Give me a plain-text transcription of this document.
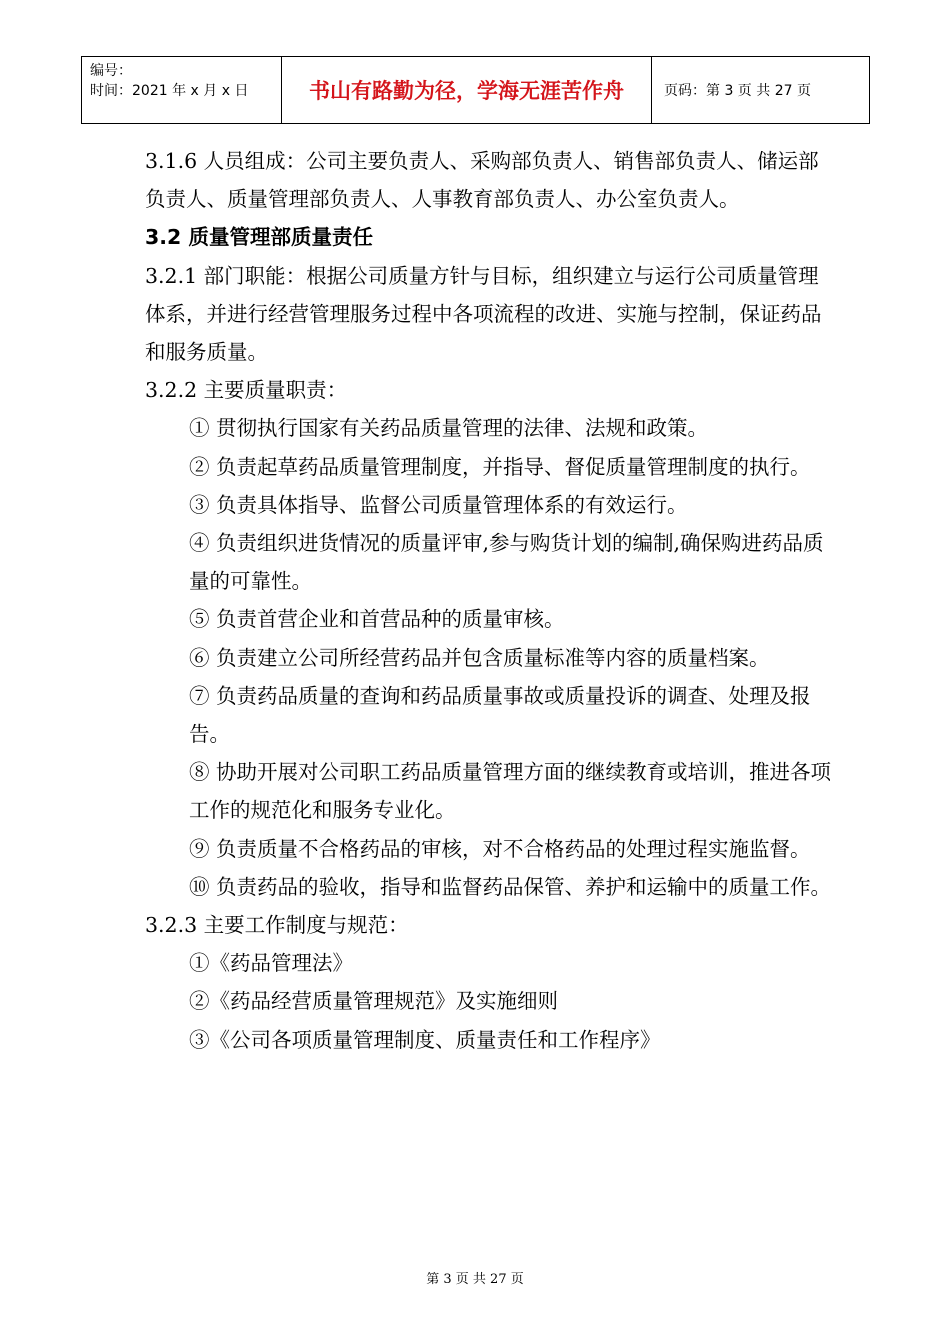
编号：
时间：2021 年 x 月 x 日	书山有路勤为径，学海无涯苦作舟	页码：第 3 页 共 27 页

3.1.6 人员组成：公司主要负责人、采购部负责人、销售部负责人、储运部负责人、质量管理部负责人、人事教育部负责人、办公室负责人。

3.2 质量管理部质量责任

3.2.1 部门职能：根据公司质量方针与目标，组织建立与运行公司质量管理体系，并进行经营管理服务过程中各项流程的改进、实施与控制，保证药品和服务质量。

3.2.2 主要质量职责：

① 贯彻执行国家有关药品质量管理的法律、法规和政策。

② 负责起草药品质量管理制度，并指导、督促质量管理制度的执行。

③ 负责具体指导、监督公司质量管理体系的有效运行。

④ 负责组织进货情况的质量评审,参与购货计划的编制,确保购进药品质量的可靠性。

⑤ 负责首营企业和首营品种的质量审核。

⑥ 负责建立公司所经营药品并包含质量标准等内容的质量档案。

⑦ 负责药品质量的查询和药品质量事故或质量投诉的调查、处理及报告。

⑧ 协助开展对公司职工药品质量管理方面的继续教育或培训，推进各项工作的规范化和服务专业化。

⑨ 负责质量不合格药品的审核，对不合格药品的处理过程实施监督。

⑩ 负责药品的验收，指导和监督药品保管、养护和运输中的质量工作。

3.2.3 主要工作制度与规范：

①《药品管理法》

②《药品经营质量管理规范》及实施细则

③《公司各项质量管理制度、质量责任和工作程序》

第 3 页 共 27 页
